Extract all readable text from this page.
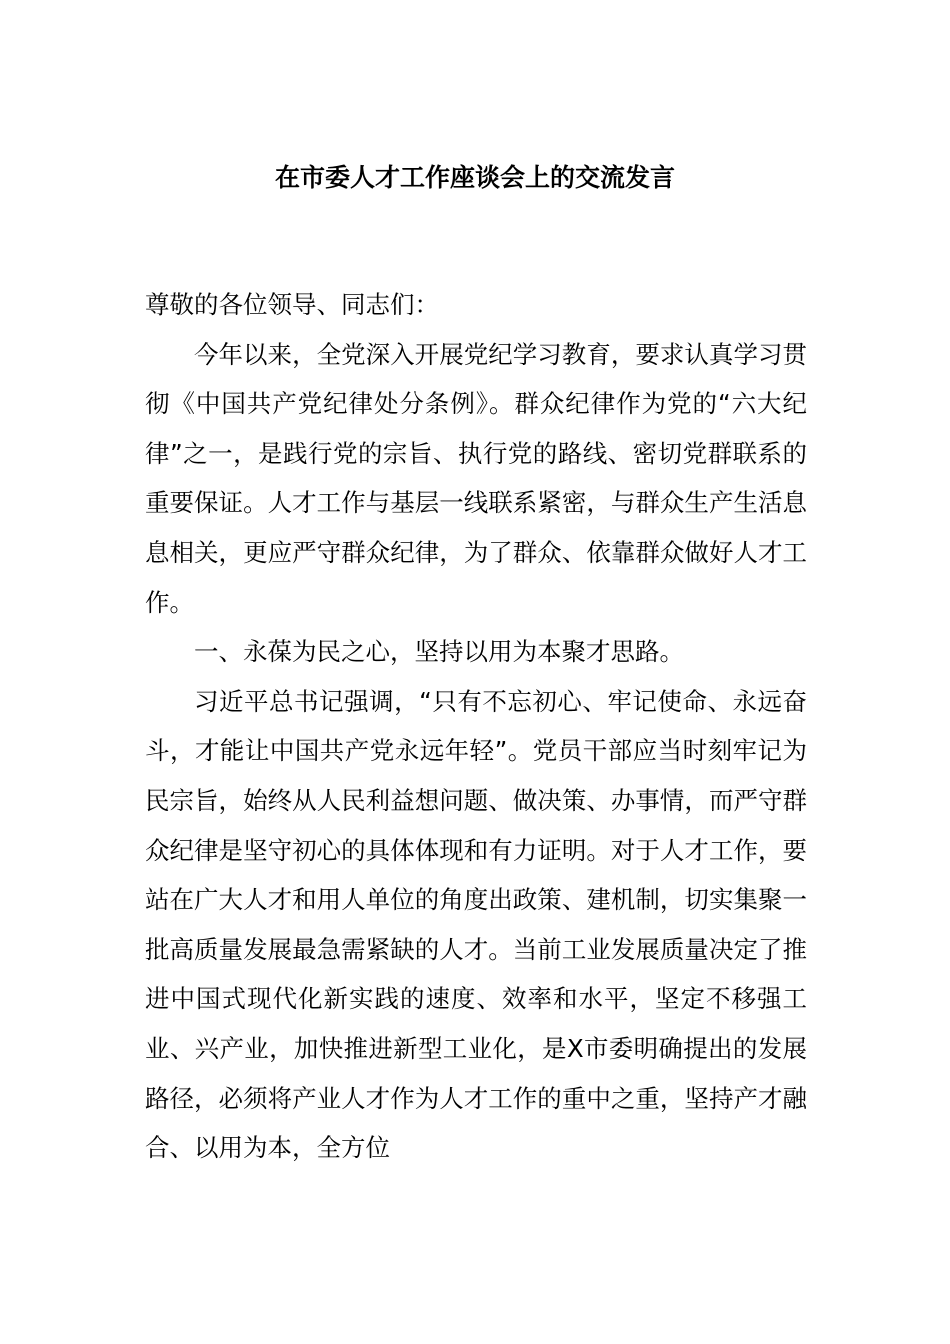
在市委人才工作座谈会上的交流发言

尊敬的各位领导、同志们：

今年以来，全党深入开展党纪学习教育，要求认真学习贯彻《中国共产党纪律处分条例》。群众纪律作为党的“六大纪律”之一，是践行党的宗旨、执行党的路线、密切党群联系的重要保证。人才工作与基层一线联系紧密，与群众生产生活息息相关，更应严守群众纪律，为了群众、依靠群众做好人才工作。

一、永葆为民之心，坚持以用为本聚才思路。

习近平总书记强调，“只有不忘初心、牢记使命、永远奋斗，才能让中国共产党永远年轻”。党员干部应当时刻牢记为民宗旨，始终从人民利益想问题、做决策、办事情，而严守群众纪律是坚守初心的具体体现和有力证明。对于人才工作，要站在广大人才和用人单位的角度出政策、建机制，切实集聚一批高质量发展最急需紧缺的人才。当前工业发展质量决定了推进中国式现代化新实践的速度、效率和水平，坚定不移强工业、兴产业，加快推进新型工业化，是X市委明确提出的发展路径，必须将产业人才作为人才工作的重中之重，坚持产才融合、以用为本，全方位
